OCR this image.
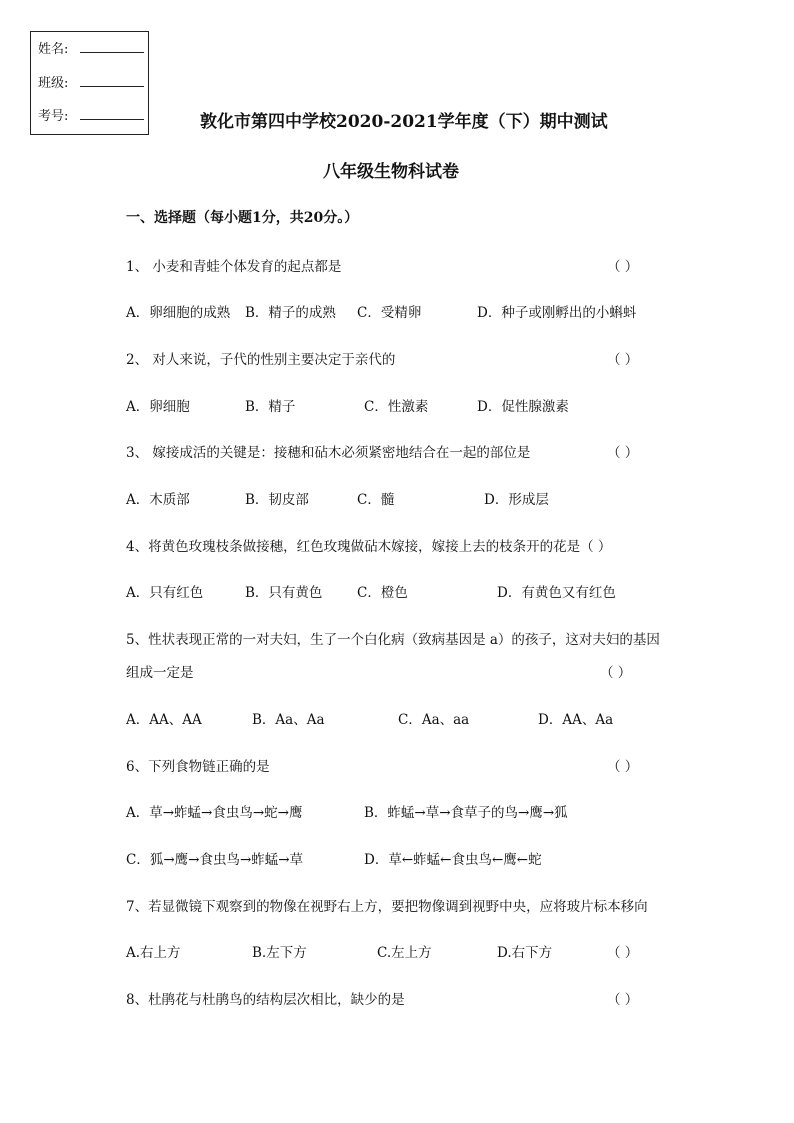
姓名:
班级:
考号:	敦化市第四中学校2020-2021学年度（下）期中测试
八年级生物科试卷
一、选择题（每小题1分，共20分。）
1、 小麦和青蛙个体发育的起点都是	（ ）
A．卵细胞的成熟 B．精子的成熟 C．受精卵	D．种子或刚孵出的小蝌蚪
2、 对人来说，子代的性别主要决定于亲代的	（ ）
A．卵细胞	B．精子	C．性激素	D．促性腺激素
3、 嫁接成活的关键是：接穗和砧木必须紧密地结合在一起的部位是	（ ）
A．木质部	B．韧皮部	C．髓	D．形成层
4、将黄色玫瑰枝条做接穗，红色玫瑰做砧木嫁接，嫁接上去的枝条开的花是（ ）
A．只有红色	B．只有黄色	C．橙色	D．有黄色又有红色
5、性状表现正常的一对夫妇，生了一个白化病（致病基因是 a）的孩子，这对夫妇的基因
组成一定是	（ ）
A．AA、AA	B．Aa、Aa	C．Aa、aa	D．AA、Aa
6、下列食物链正确的是	（ ）
A．草→蚱蜢→食虫鸟→蛇→鹰	B．蚱蜢→草→食草子的鸟→鹰→狐
C．狐→鹰→食虫鸟→蚱蜢→草	D．草←蚱蜢←食虫鸟←鹰←蛇
7、若显微镜下观察到的物像在视野右上方，要把物像调到视野中央，应将玻片标本移向
A.右上方	B.左下方	C.左上方	D.右下方	（ ）
8、杜鹃花与杜鹃鸟的结构层次相比，缺少的是	（ ）
